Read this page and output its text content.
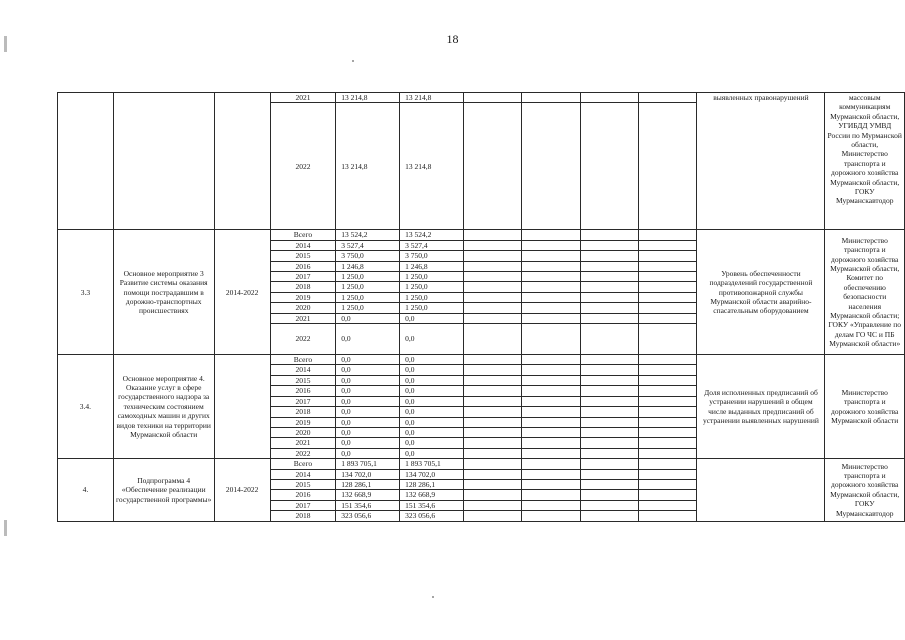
18
			2021	13 214,8	13 214,8					выявленных правонарушений	массовым коммуникациям Мурманской области, УГИБДД УМВД России по Мурманской области, Министерство транспорта и дорожного хозяйства Мурманской области, ГОКУ Мурманскавтодор
			2022	13 214,8	13 214,8						
3.3	Основное мероприятие 3 Развитие системы оказания помощи пострадавшим в дорожно-транспортных происшествиях	2014-2022	Всего	13 524,2	13 524,2					Уровень обеспеченности подразделений государственной противопожарной службы Мурманской области аварийно-спасательным оборудованием	Министерство транспорта и дорожного хозяйства Мурманской области, Комитет по обеспечению безопасности населения Мурманской области; ГОКУ «Управление по делам ГО ЧС и ПБ Мурманской области»
			2014	3 527,4	3 527,4						
			2015	3 750,0	3 750,0						
			2016	1 246,8	1 246,8						
			2017	1 250,0	1 250,0						
			2018	1 250,0	1 250,0						
			2019	1 250,0	1 250,0						
			2020	1 250,0	1 250,0						
			2021	0,0	0,0						
			2022	0,0	0,0						
3.4.	Основное мероприятие 4. Оказание услуг в сфере государственного надзора за техническим состоянием самоходных машин и других видов техники на территории Мурманской области		Всего	0,0	0,0					Доля исполненных предписаний об устранении нарушений в общем числе выданных предписаний об устранении выявленных нарушений	Министерство транспорта и дорожного хозяйства Мурманской области
			2014	0,0	0,0						
			2015	0,0	0,0						
			2016	0,0	0,0						
			2017	0,0	0,0						
			2018	0,0	0,0						
			2019	0,0	0,0						
			2020	0,0	0,0						
			2021	0,0	0,0						
			2022	0,0	0,0						
4.	Подпрограмма 4 «Обеспечение реализации государственной программы»	2014-2022	Всего	1 893 705,1	1 893 705,1						Министерство транспорта и дорожного хозяйства Мурманской области, ГОКУ Мурманскавтодор
			2014	134 702,0	134 702,0						
			2015	128 286,1	128 286,1						
			2016	132 668,9	132 668,9						
			2017	151 354,6	151 354,6						
			2018	323 056,6	323 056,6						
